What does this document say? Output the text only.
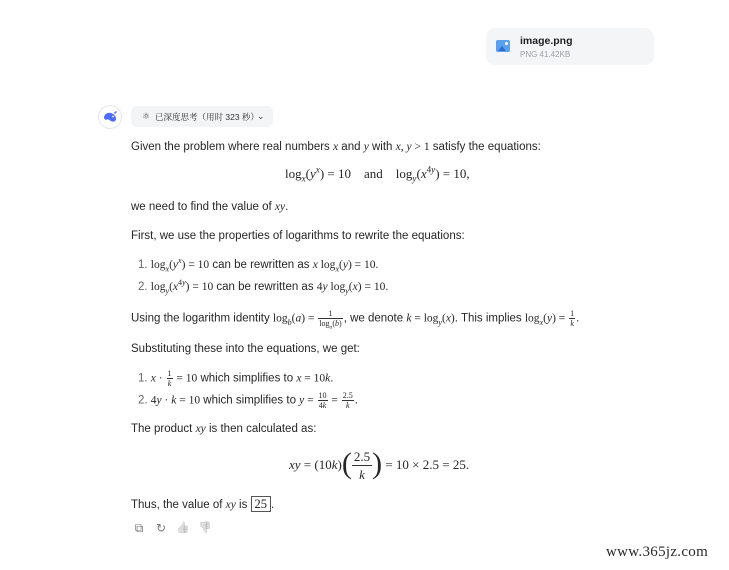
image.png
PNG 41.42KB
⚛ 已深度思考（用时 323 秒）
⌄
Given the problem where real numbers x and y with x, y > 1 satisfy the equations:
$\log_x(y^x) = 10$    and    $\log_y(x^{4y}) = 10$,
we need to find the value of xy.
First, we use the properties of logarithms to rewrite the equations:
1. $\log_x(y^x) = 10$ can be rewritten as x $\log_x(y) = 10$.
2. $\log_y(x^{4y}) = 10$ can be rewritten as 4y $\log_y(x) = 10$.
Using the logarithm identity $\log_b(a) = \frac{1}{\log_a(b)}$ , we denote $k = \log_y(x)$. This implies $\log_x(y) = \frac{1}{k}$ .
Substituting these into the equations, we get:
1. $x \cdot \frac{1}{k} = 10$ which simplifies to x = 10k.
2. 4y · k = 10 which simplifies to $y = \frac{10}{4k} = \frac{2.5}{k}$ .
The product xy is then calculated as:
xy = $(10k)( \frac{2.5}{k}$ ) = 10 × 2.5 = 25.
Thus, the value of xy is 25 .
⧉	↻ 👍 👎
www.365jz.com
